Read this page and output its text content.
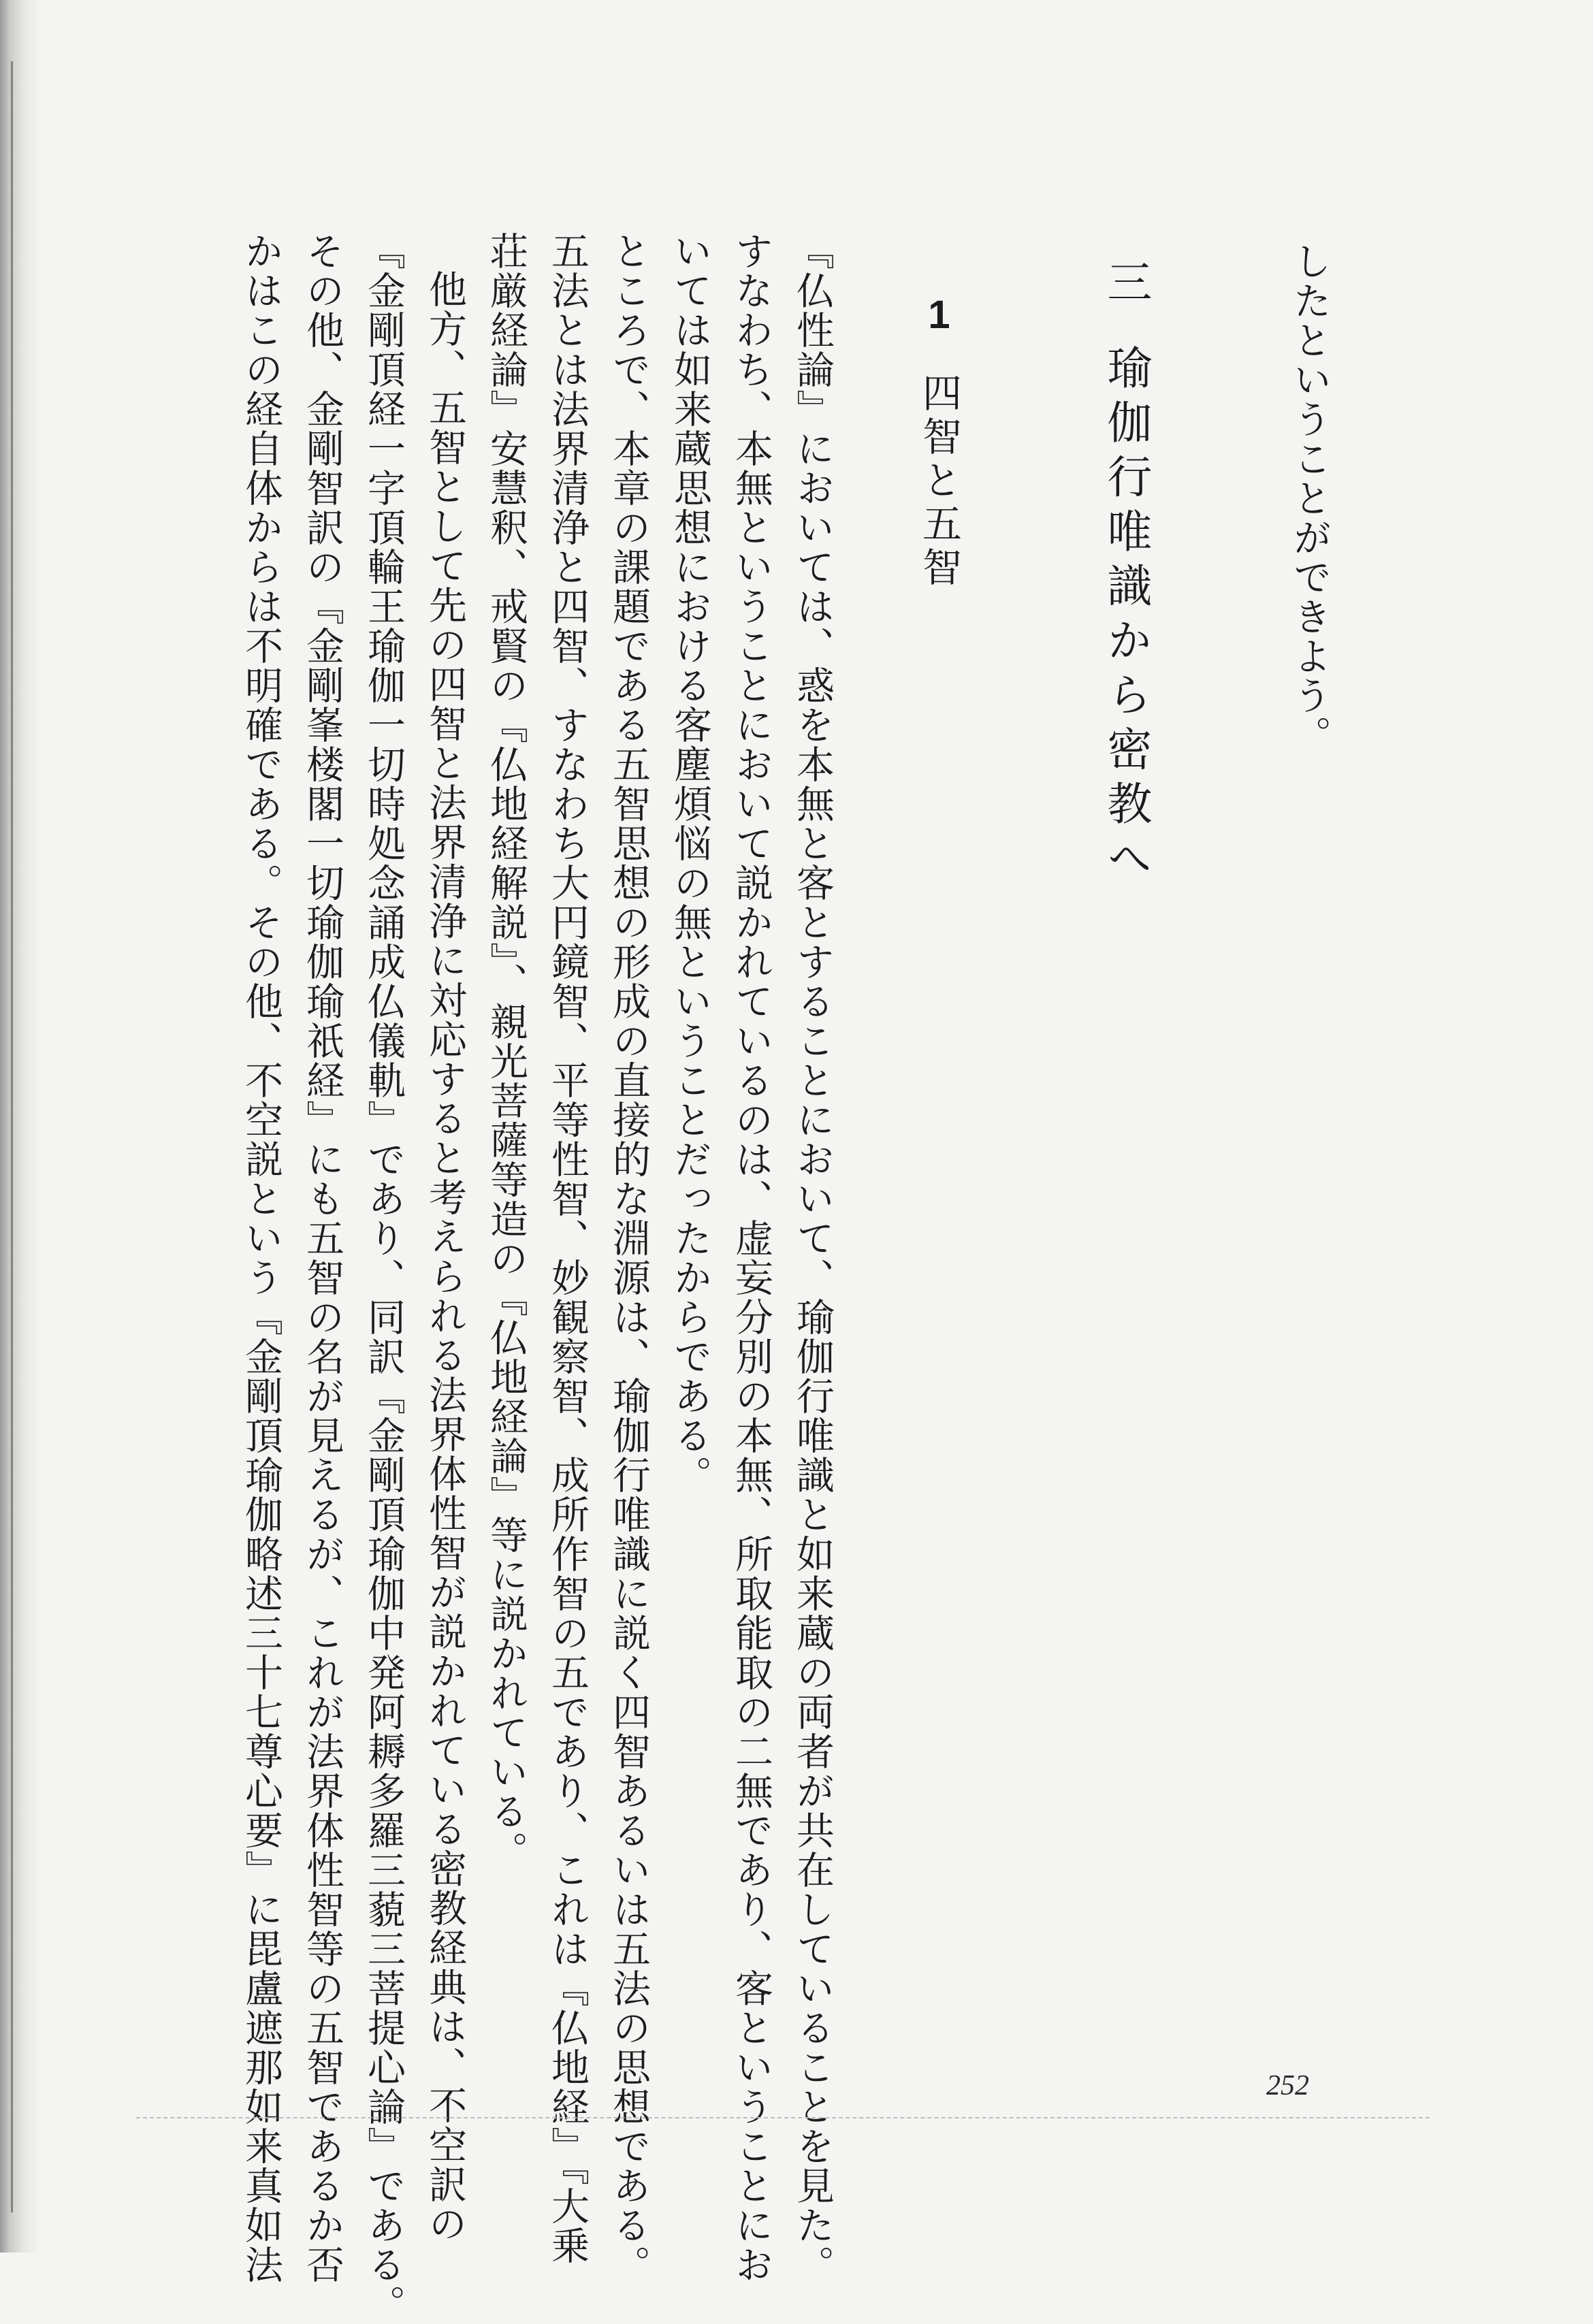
したということができよう。
三瑜伽行唯識から密教へ
1四智と五智
『仏性論』においては、惑を本無と客とすることにおいて、瑜伽行唯識と如来蔵の両者が共在していることを見た。
すなわち、本無ということにおいて説かれているのは、虚妄分別の本無、所取能取の二無であり、客ということにお
いては如来蔵思想における客塵煩悩の無ということだったからである。
ところで、本章の課題である五智思想の形成の直接的な淵源は、瑜伽行唯識に説く四智あるいは五法の思想である。
五法とは法界清浄と四智、すなわち大円鏡智、平等性智、妙観察智、成所作智の五であり、これは『仏地経』『大乗
荘厳経論』安慧釈、戒賢の『仏地経解説』、親光菩薩等造の『仏地経論』等に説かれている。
他方、五智として先の四智と法界清浄に対応すると考えられる法界体性智が説かれている密教経典は、不空訳の
『金剛頂経一字頂輪王瑜伽一切時処念誦成仏儀軌』であり、同訳『金剛頂瑜伽中発阿耨多羅三藐三菩提心論』である。
その他、金剛智訳の『金剛峯楼閣一切瑜伽瑜祇経』にも五智の名が見えるが、これが法界体性智等の五智であるか否
かはこの経自体からは不明確である。その他、不空説という『金剛頂瑜伽略述三十七尊心要』に毘盧遮那如来真如法	252
